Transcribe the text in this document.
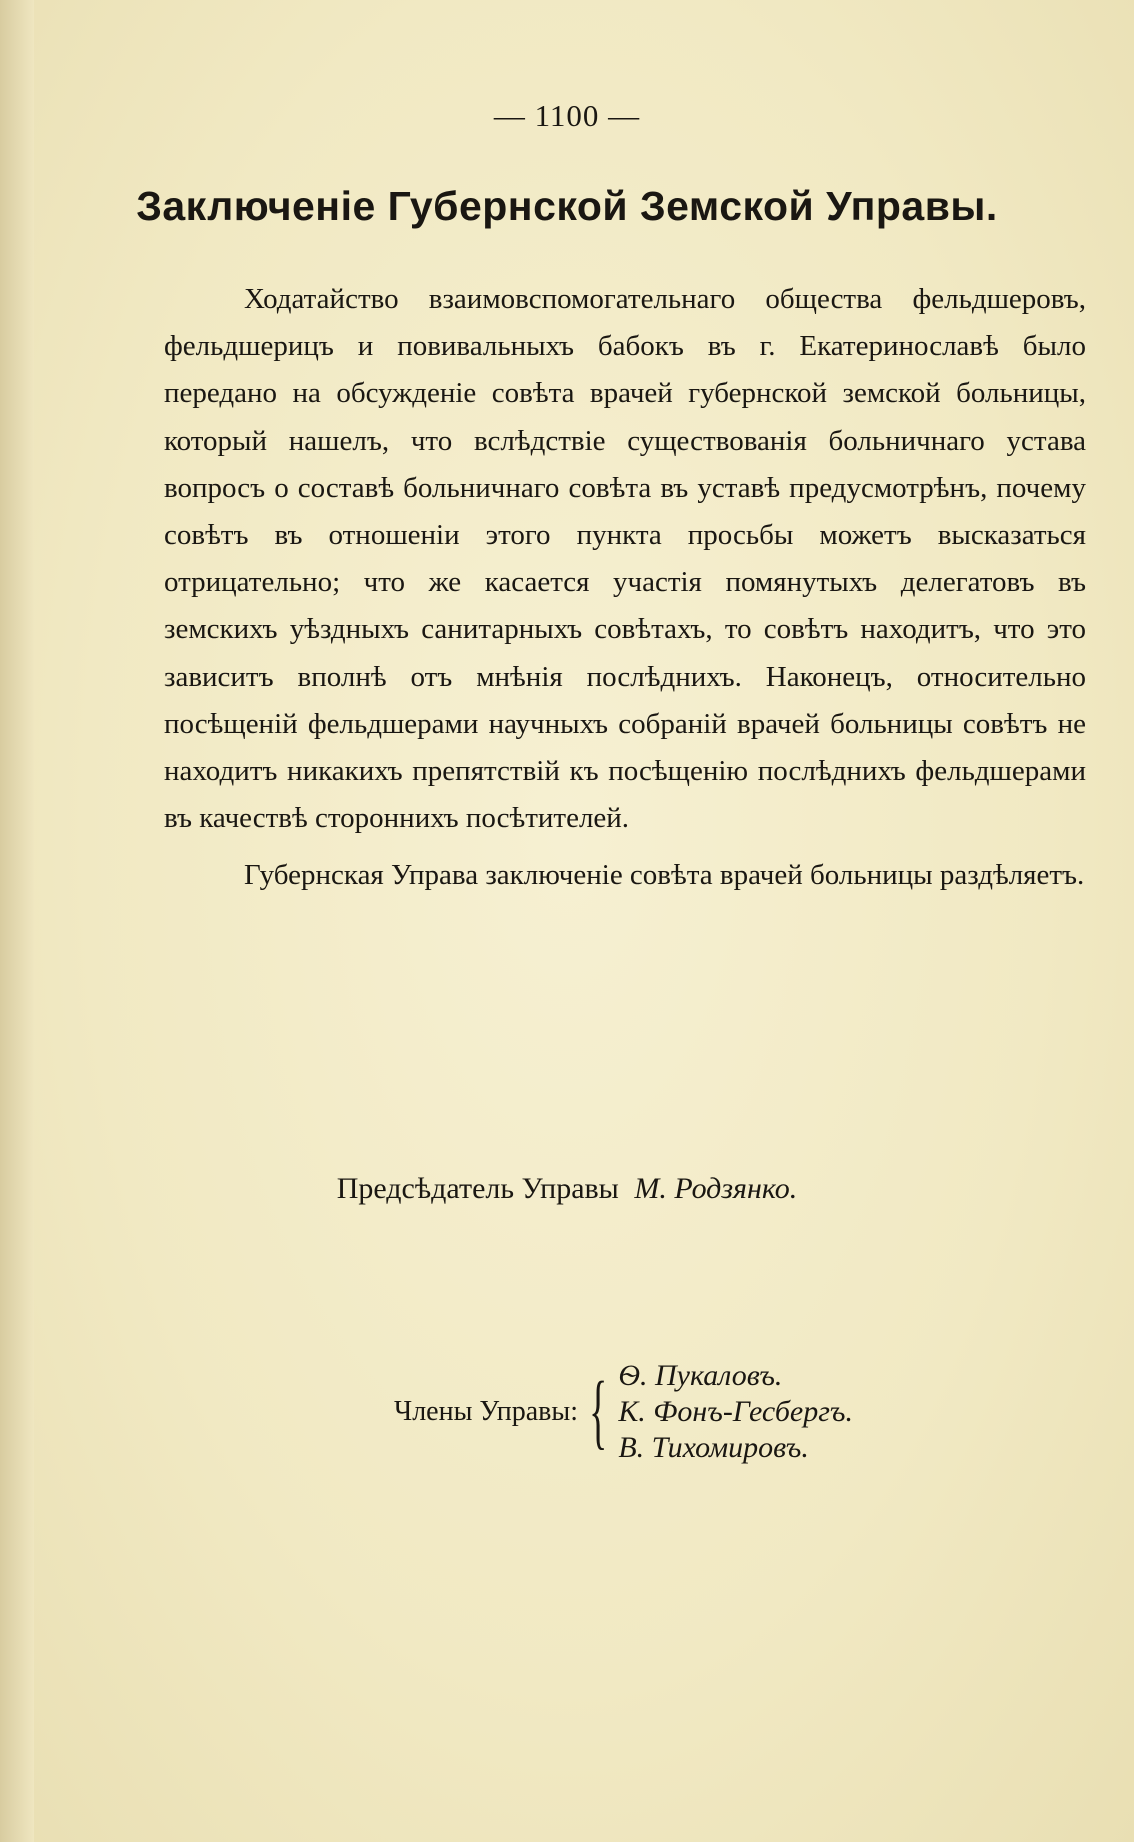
— 1100 —
Заключеніе Губернской Земской Управы.

Ходатайство взаимовспомогательнаго общества фельдшеровъ, фельдшерицъ и повивальныхъ бабокъ въ г. Екатеринославѣ было передано на обсужденіе совѣта врачей губернской земской больницы, который нашелъ, что вслѣдствіе существованія больничнаго устава вопросъ о составѣ больничнаго совѣта въ уставѣ предусмотрѣнъ, почему совѣтъ въ отношеніи этого пункта просьбы можетъ высказаться отрицательно; что же касается участія помянутыхъ делегатовъ въ земскихъ уѣздныхъ санитарныхъ совѣтахъ, то совѣтъ находитъ, что это зависитъ вполнѣ отъ мнѣнія послѣднихъ. Наконецъ, относительно посѣщеній фельдшерами научныхъ собраній врачей больницы совѣтъ не находитъ никакихъ препятствій къ посѣщенію послѣднихъ фельдшерами въ качествѣ стороннихъ посѣтителей.

Губернская Управа заключеніе совѣта врачей больницы раздѣляетъ.

Предсѣдатель Управы М. Родзянко.
Члены Управы: { Ѳ. Пукаловъ.
К. Фонъ-Гесбергъ.
В. Тихомировъ.
